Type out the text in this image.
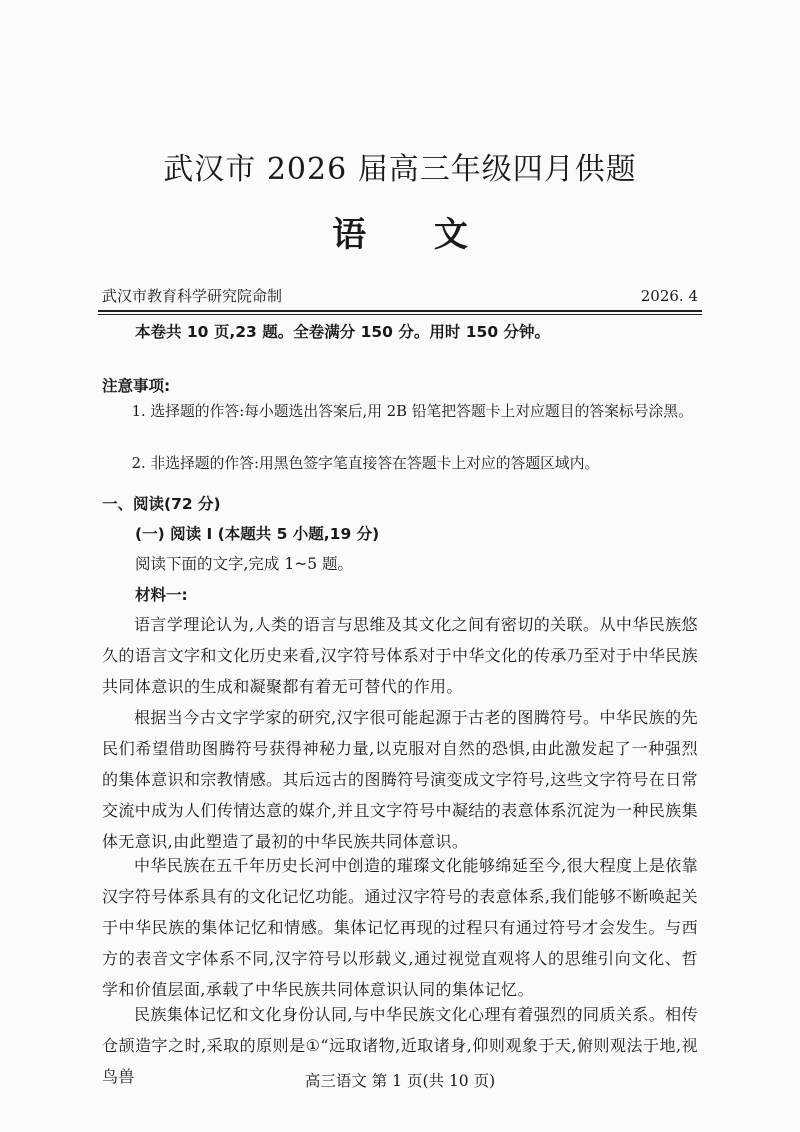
武汉市 2026 届高三年级四月供题
语 文
武汉市教育科学研究院命制	2026. 4
本卷共 10 页,23 题。全卷满分 150 分。用时 150 分钟。
注意事项:
1. 选择题的作答:每小题选出答案后,用 2B 铅笔把答题卡上对应题目的答案标号涂黑。
2. 非选择题的作答:用黑色签字笔直接答在答题卡上对应的答题区域内。
一、阅读(72 分)
(一) 阅读 I (本题共 5 小题,19 分)
阅读下面的文字,完成 1~5 题。
材料一:
语言学理论认为,人类的语言与思维及其文化之间有密切的关联。从中华民族悠久的语言文字和文化历史来看,汉字符号体系对于中华文化的传承乃至对于中华民族共同体意识的生成和凝聚都有着无可替代的作用。
根据当今古文字学家的研究,汉字很可能起源于古老的图腾符号。中华民族的先民们希望借助图腾符号获得神秘力量,以克服对自然的恐惧,由此激发起了一种强烈的集体意识和宗教情感。其后远古的图腾符号演变成文字符号,这些文字符号在日常交流中成为人们传情达意的媒介,并且文字符号中凝结的表意体系沉淀为一种民族集体无意识,由此塑造了最初的中华民族共同体意识。
中华民族在五千年历史长河中创造的璀璨文化能够绵延至今,很大程度上是依靠汉字符号体系具有的文化记忆功能。通过汉字符号的表意体系,我们能够不断唤起关于中华民族的集体记忆和情感。集体记忆再现的过程只有通过符号才会发生。与西方的表音文字体系不同,汉字符号以形载义,通过视觉直观将人的思维引向文化、哲学和价值层面,承载了中华民族共同体意识认同的集体记忆。
民族集体记忆和文化身份认同,与中华民族文化心理有着强烈的同质关系。相传仓颉造字之时,采取的原则是①“远取诸物,近取诸身,仰则观象于天,俯则观法于地,视鸟兽	高三语文 第 1 页(共 10 页)
